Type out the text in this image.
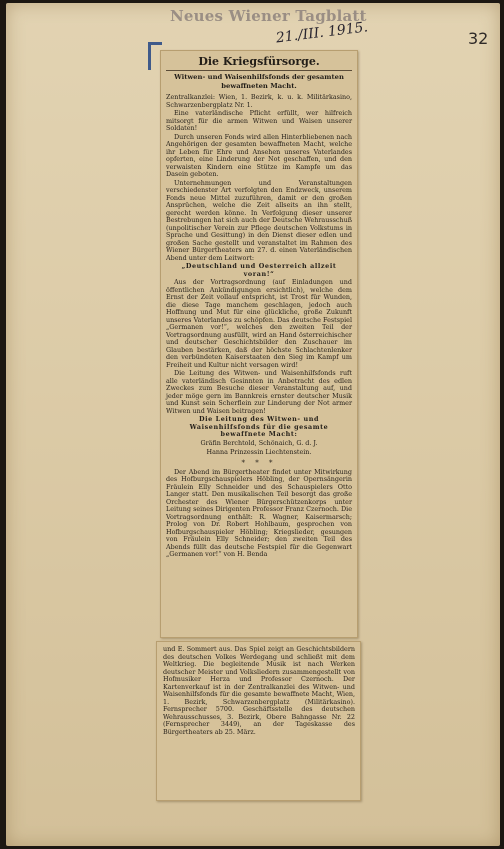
Neues Wiener Tagblatt
21./III. 1915.	32
Die Kriegsfürsorge.
Witwen- und Waisenhilfsfonds der gesamten bewaffneten Macht.
Zentralkanzlei: Wien, 1. Bezirk, k. u. k. Militärkasino, Schwarzenbergplatz Nr. 1.
Eine vaterländische Pflicht erfüllt, wer hilfreich mitsorgt für die armen Witwen und Waisen unserer Soldaten!
Durch unseren Fonds wird allen Hinterbliebenen nach Angehörigen der gesamten bewaffneten Macht, welche ihr Leben für Ehre und Ansehen unseres Vaterlandes opferten, eine Linderung der Not geschaffen, und den verwaisten Kindern eine Stütze im Kampfe um das Dasein geboten.
Unternehmungen und Veranstaltungen verschiedenster Art verfolgten den Endzweck, unserem Fonds neue Mittel zuzuführen, damit er den großen Ansprüchen, welche die Zeit allseits an ihn stellt, gerecht werden könne. In Verfolgung dieser unserer Bestrebungen hat sich auch der Deutsche Wehrausschuß (unpolitischer Verein zur Pflege deutschen Volkstums in Sprache und Gesittung) in den Dienst dieser edlen und großen Sache gestellt und veranstaltet im Rahmen des Wiener Bürgertheaters am 27. d. einen Vaterländischen Abend unter dem Leitwort:
„Deutschland und Oesterreich allzeit voran!“
Aus der Vortragsordnung (auf Einladungen und öffentlichen Ankündigungen ersichtlich), welche dem Ernst der Zeit vollauf entspricht, ist Trost für Wunden, die diese Tage manchem geschlagen, jedoch auch Hoffnung und Mut für eine glückliche, große Zukunft unseres Vaterlandes zu schöpfen. Das deutsche Festspiel „Germanen vor!“, welches den zweiten Teil der Vortragsordnung ausfüllt, wird an Hand österreichischer und deutscher Geschichtsbilder den Zuschauer im Glauben bestärken, daß der höchste Schlachtenlenker den verbündeten Kaiserstaaten den Sieg im Kampf um Freiheit und Kultur nicht versagen wird!
Die Leitung des Witwen- und Waisenhilfsfonds ruft alle vaterländisch Gesinnten in Anbetracht des edlen Zweckes zum Besuche dieser Veranstaltung auf, und jeder möge gern im Bannkreis ernster deutscher Musik und Kunst sein Scherflein zur Linderung der Not armer Witwen und Waisen beitragen!
Die Leitung des Witwen- und Waisenhilfsfonds für die gesamte bewaffnete Macht:
Gräfin Berchtold, Schönaich, G. d. J.
Hanna Prinzessin Liechtenstein.
* * *
Der Abend im Bürgertheater findet unter Mitwirkung des Hofburgschauspielers Höbling, der Opernsängerin Fräulein Elly Schneider und des Schauspielers Otto Langer statt. Den musikalischen Teil besorgt das große Orchester des Wiener Bürgerschützenkorps unter Leitung seines Dirigenten Professor Franz Czernoch. Die Vortragsordnung enthält: R. Wagner, Kaisermarsch; Prolog von Dr. Robert Hohlbaum, gesprochen von Hofburgschauspieler Höbling; Kriegslieder, gesungen von Fräulein Elly Schneider; den zweiten Teil des Abends füllt das deutsche Festspiel für die Gegenwart „Germanen vor!“ von H. Benda
und E. Sommert aus. Das Spiel zeigt an Geschichtsbildern des deutschen Volkes Werdegang und schließt mit dem Weltkrieg. Die begleitende Musik ist nach Werken deutscher Meister und Volksliedern zusammengestellt von Hofmusiker Herza und Professor Czernoch. Der Kartenverkauf ist in der Zentralkanzlei des Witwen- und Waisenhilfsfonds für die gesamte bewaffnete Macht, Wien, 1. Bezirk, Schwarzenbergplatz (Militärkasino). Fernsprecher 5700. Geschäftsstelle des deutschen Wehrausschusses, 3. Bezirk, Obere Bahngasse Nr. 22 (Fernsprecher 3449), an der Tageskasse des Bürgertheaters ab 25. März.
